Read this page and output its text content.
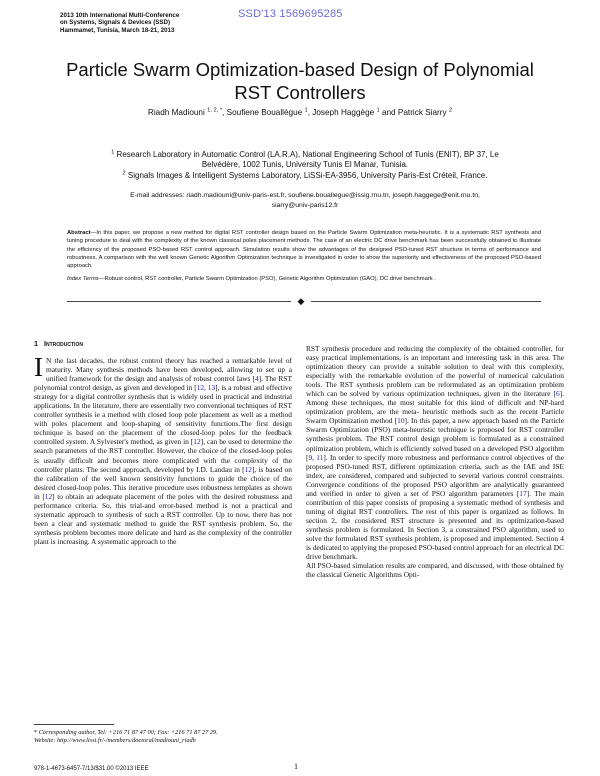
2013 10th International Multi-Conference
on Systems, Signals & Devices (SSD)
Hammamet, Tunisia, March 18-21, 2013
SSD'13 1569695285
Particle Swarm Optimization-based Design of Polynomial
RST Controllers
Riadh Madiouni $^{1, 2, *}$, Soufiene Bouallègue $^1$, Joseph Haggège $^1$ and Patrick Siarry $^2$
$^1$ Research Laboratory in Automatic Control (LA.R.A), National Engineering School of Tunis (ENIT), BP 37, Le
Belvédère, 1002 Tunis, University Tunis El Manar, Tunisia.
$^2$ Signals Images & Intelligent Systems Laboratory, LiSSi-EA-3956, University Paris-Est Créteil, France.
E-mail addresses: riadh.madiouni@univ-paris-est.fr, soufiene.bouallegue@issig.rnu.tn, joseph.haggege@enit.rnu.tn,
siarry@univ-paris12.fr
Abstract—In this paper, we propose a new method for digital RST controller design based on the Particle Swarm Optimization meta-heuristic. It is a systematic RST synthesis and tuning procedure to deal with the complexity of the known classical poles placement methods. The case of an electric DC drive benchmark has been successfully obtained to illustrate the efficiency of the proposed PSO-based RST control approach. Simulation results show the advantages of the designed PSO-tuned RST structure in terms of performance and robustness. A comparison with the well known Genetic Algorithm Optimization technique is investigated in order to show the superiority and effectiveness of the proposed PSO-based approach.
Index Terms—Robust control, RST controller, Particle Swarm Optimization (PSO), Genetic Algorithm Optimization (GAO), DC drive benchmark .
◆
1 Introduction

I N the last decades, the robust control theory has reached a remarkable level of maturity. Many synthesis methods have been developed, allowing to set up a unified framework for the design and analysis of robust control laws [4]. The RST polynomial control design, as given and developed in [12, 13], is a robust and effective strategy for a digital controller synthesis that is widely used in practical and industrial applications. In the literature, there are essentially two conventional techniques of RST controller synthesis ie a method with closed loop pole placement as well as a method with poles placement and loop-shaping of sensitivity functions.The first design technique is based on the placement of the closed-loop poles for the feedback controlled system. A Sylvester's method, as given in [12], can be used to determine the search parameters of the RST controller. However, the choice of the closed-loop poles is usually difficult and becomes more complicated with the complexity of the controller plants. The second approach, developed by I.D. Landau in [12], is based on the calibration of the well known sensitivity functions to guide the choice of the desired closed-loop poles. This iterative procedure uses robustness templates as shown in [12] to obtain an adequate placement of the poles with the desired robustness and performance criteria. So, this trial-and error-based method is not a practical and systematic approach to synthesis of such a RST controller. Up to now, there has not been a clear and systematic method to guide the RST synthesis problem. So, the synthesis problem becomes more delicate and hard as the complexity of the controller plant is increasing. A systematic approach to the

RST synthesis procedure and reducing the complexity of the obtained controller, for easy practical implementations, is an important and interesting task in this area. The optimization theory can provide a suitable solution to deal with this complexity, especially with the remarkable evolution of the powerful of numerical calculation tools. The RST synthesis problem can be reformulated as an optimization problem which can be solved by various optimization techniques, given in the literature [6]. Among these techniques, the most suitable for this kind of difficult and NP-hard optimization problem, are the meta- heuristic methods such as the recent Particle Swarm Optimization method [10]. In this paper, a new approach based on the Particle Swarm Optimization (PSO) meta-heuristic technique is proposed for RST controller synthesis problem. The RST control design problem is formulated as a constrained optimization problem, which is efficiently solved based on a developed PSO algorithm [9, 11]. In order to specify more robustness and performance control objectives of the proposed PSO-tuned RST, different optimization criteria, such as the IAE and ISE index, are considered, compared and subjected to several various control constraints. Convergence conditions of the proposed PSO algorithm are analytically guaranteed and verified in order to given a set of PSO algorithm parameters [17]. The main contribution of this paper consists of proposing a systematic method of synthesis and tuning of digital RST controllers. The rest of this paper is organized as follows. In section 2, the considered RST structure is presented and its optimization-based synthesis problem is formulated. In Section 3, a constrained PSO algorithm, used to solve the formulated RST synthesis problem, is proposed and implemented. Section 4 is dedicated to applying the proposed PSO-based control approach for an electrical DC drive benchmark.

All PSO-based simulation results are compared, and discussed, with those obtained by the classical Genetic Algorithms Opti-

* Corresponding author, Tel: +216 71 87 47 00; Fax: +216 71 87 27 29.
Website: http://www.lissi.fr/-/members/doctoral/madiouni_riadh
978-1-4673-6457-7/13/$31.00 ©2013 IEEE	1
